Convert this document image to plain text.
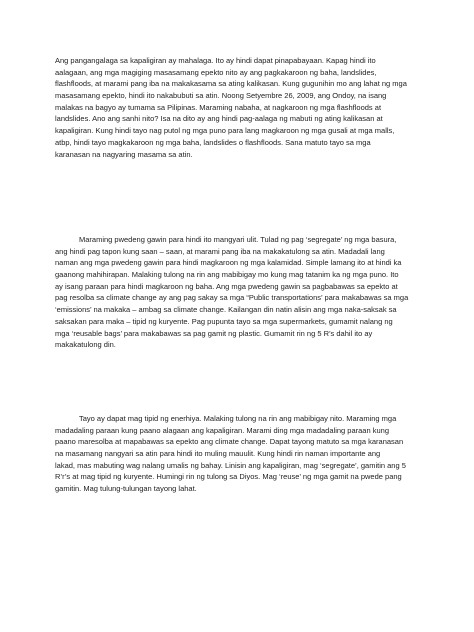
Ang pangangalaga sa kapaligiran ay mahalaga. Ito ay hindi dapat pinapabayaan. Kapag hindi ito
aalagaan, ang mga magiging masasamang epekto nito ay ang pagkakaroon ng baha, landslides,
flashfloods, at marami pang iba na makakasama sa ating kalikasan. Kung gugunihin mo ang lahat ng mga
masasamang epekto, hindi ito nakabubuti sa atin. Noong Setyembre 26, 2009, ang Ondoy, na isang
malakas na bagyo ay tumama sa Pilipinas. Maraming nabaha, at nagkaroon ng mga flashfloods at
landslides. Ano ang sanhi nito? Isa na dito ay ang hindi pag-aalaga ng mabuti ng ating kalikasan at
kapaligiran. Kung hindi tayo nag putol ng mga puno para lang magkaroon ng mga gusali at mga malls,
atbp, hindi tayo magkakaroon ng mga baha, landslides o flashfloods. Sana matuto tayo sa mga
karanasan na nagyaring masama sa atin.

Maraming pwedeng gawin para hindi ito mangyari ulit. Tulad ng pag ‘segregate’ ng mga basura,
ang hindi pag tapon kung saan – saan, at marami pang iba na makakatulong sa atin. Madadali lang
naman ang mga pwedeng gawin para hindi magkaroon ng mga kalamidad. Simple lamang ito at hindi ka
gaanong mahihirapan. Malaking tulong na rin ang mabibigay mo kung mag tatanim ka ng mga puno. Ito
ay isang paraan para hindi magkaroon ng baha. Ang mga pwedeng gawin sa pagbabawas sa epekto at
pag resolba sa climate change ay ang pag sakay sa mga “Public transportations’ para makabawas sa mga
‘emissions’ na makaka – ambag sa climate change. Kailangan din natin alisin ang mga naka-saksak sa
saksakan para maka – tipid ng kuryente. Pag pupunta tayo sa mga supermarkets, gumamit nalang ng
mga ‘reusable bags’ para makabawas sa pag gamit ng plastic. Gumamit rin ng 5 R’s dahil ito ay
makakatulong din.

Tayo ay dapat mag tipid ng enerhiya. Malaking tulong na rin ang mabibigay nito. Maraming mga
madadaling paraan kung paano alagaan ang kapaligiran. Marami ding mga madadaling paraan kung
paano maresolba at mapabawas sa epekto ang climate change. Dapat tayong matuto sa mga karanasan
na masamang nangyari sa atin para hindi ito muling mauulit. Kung hindi rin naman importante ang
lakad, mas mabuting wag nalang umalis ng bahay. Linisin ang kapaligiran, mag ‘segregate’, gamitin ang 5
R’r’s at mag tipid ng kuryente. Humingi rin ng tulong sa Diyos. Mag ‘reuse’ ng mga gamit na pwede pang
gamitin. Mag tulung-tulungan tayong lahat.
